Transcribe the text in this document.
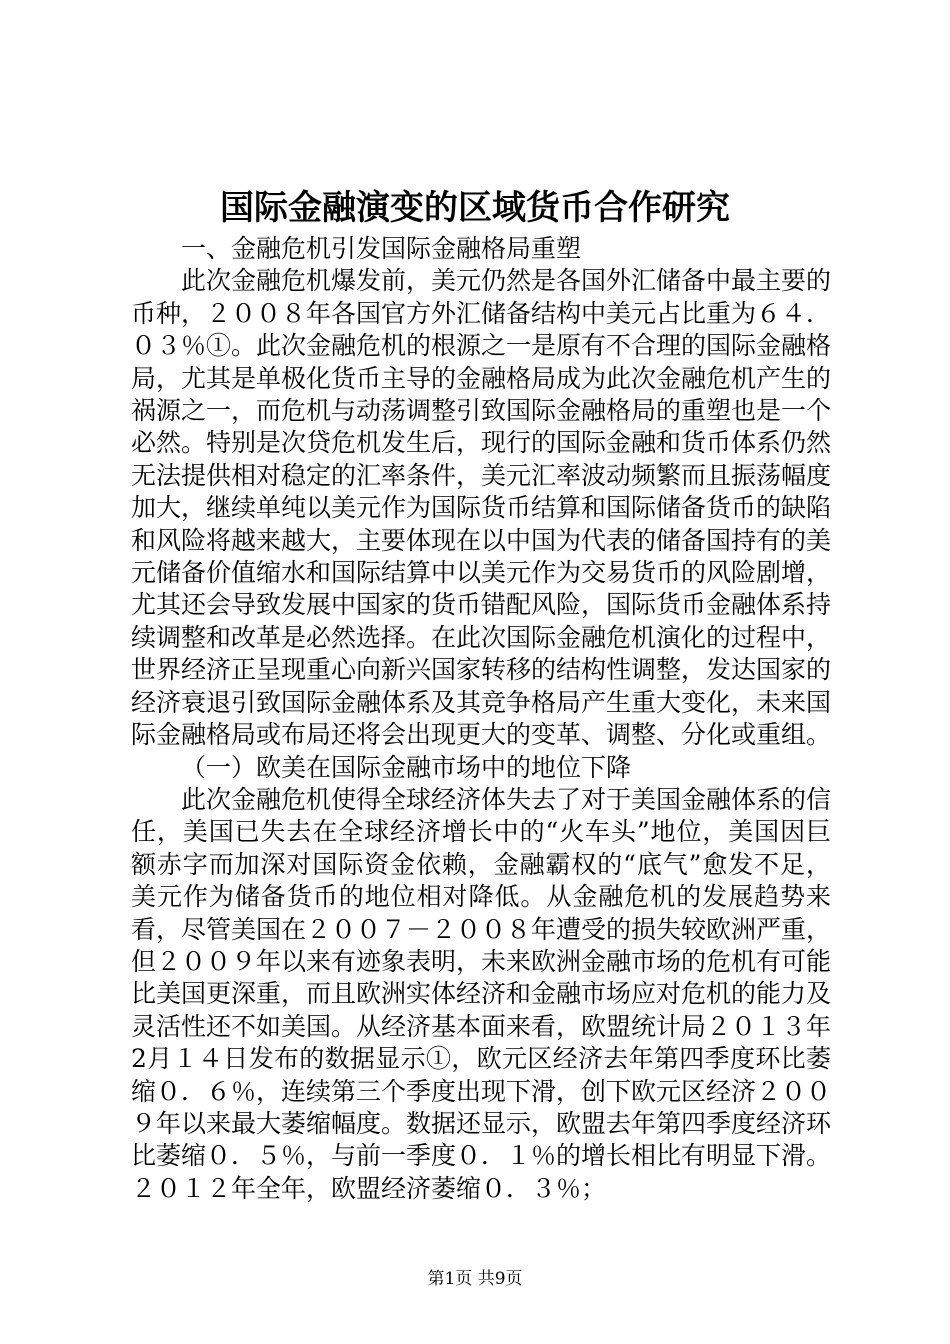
国际金融演变的区域货币合作研究

一、金融危机引发国际金融格局重塑

此次金融危机爆发前，美元仍然是各国外汇储备中最主要的币种，２００８年各国官方外汇储备结构中美元占比重为６４．０３％①。此次金融危机的根源之一是原有不合理的国际金融格局，尤其是单极化货币主导的金融格局成为此次金融危机产生的祸源之一，而危机与动荡调整引致国际金融格局的重塑也是一个必然。特别是次贷危机发生后，现行的国际金融和货币体系仍然无法提供相对稳定的汇率条件，美元汇率波动频繁而且振荡幅度加大，继续单纯以美元作为国际货币结算和国际储备货币的缺陷和风险将越来越大，主要体现在以中国为代表的储备国持有的美元储备价值缩水和国际结算中以美元作为交易货币的风险剧增，尤其还会导致发展中国家的货币错配风险，国际货币金融体系持续调整和改革是必然选择。在此次国际金融危机演化的过程中，世界经济正呈现重心向新兴国家转移的结构性调整，发达国家的经济衰退引致国际金融体系及其竞争格局产生重大变化，未来国际金融格局或布局还将会出现更大的变革、调整、分化或重组。

（一）欧美在国际金融市场中的地位下降

此次金融危机使得全球经济体失去了对于美国金融体系的信任，美国已失去在全球经济增长中的“火车头”地位，美国因巨额赤字而加深对国际资金依赖，金融霸权的“底气”愈发不足，美元作为储备货币的地位相对降低。从金融危机的发展趋势来看，尽管美国在２００７－２００８年遭受的损失较欧洲严重，但２００９年以来有迹象表明，未来欧洲金融市场的危机有可能比美国更深重，而且欧洲实体经济和金融市场应对危机的能力及灵活性还不如美国。从经济基本面来看，欧盟统计局２０１３年2月１４日发布的数据显示①，欧元区经济去年第四季度环比萎缩０．６％，连续第三个季度出现下滑，创下欧元区经济２００９年以来最大萎缩幅度。数据还显示，欧盟去年第四季度经济环比萎缩０．５％，与前一季度０．１％的增长相比有明显下滑。２０１２年全年，欧盟经济萎缩０．３％；

第1页 共9页
